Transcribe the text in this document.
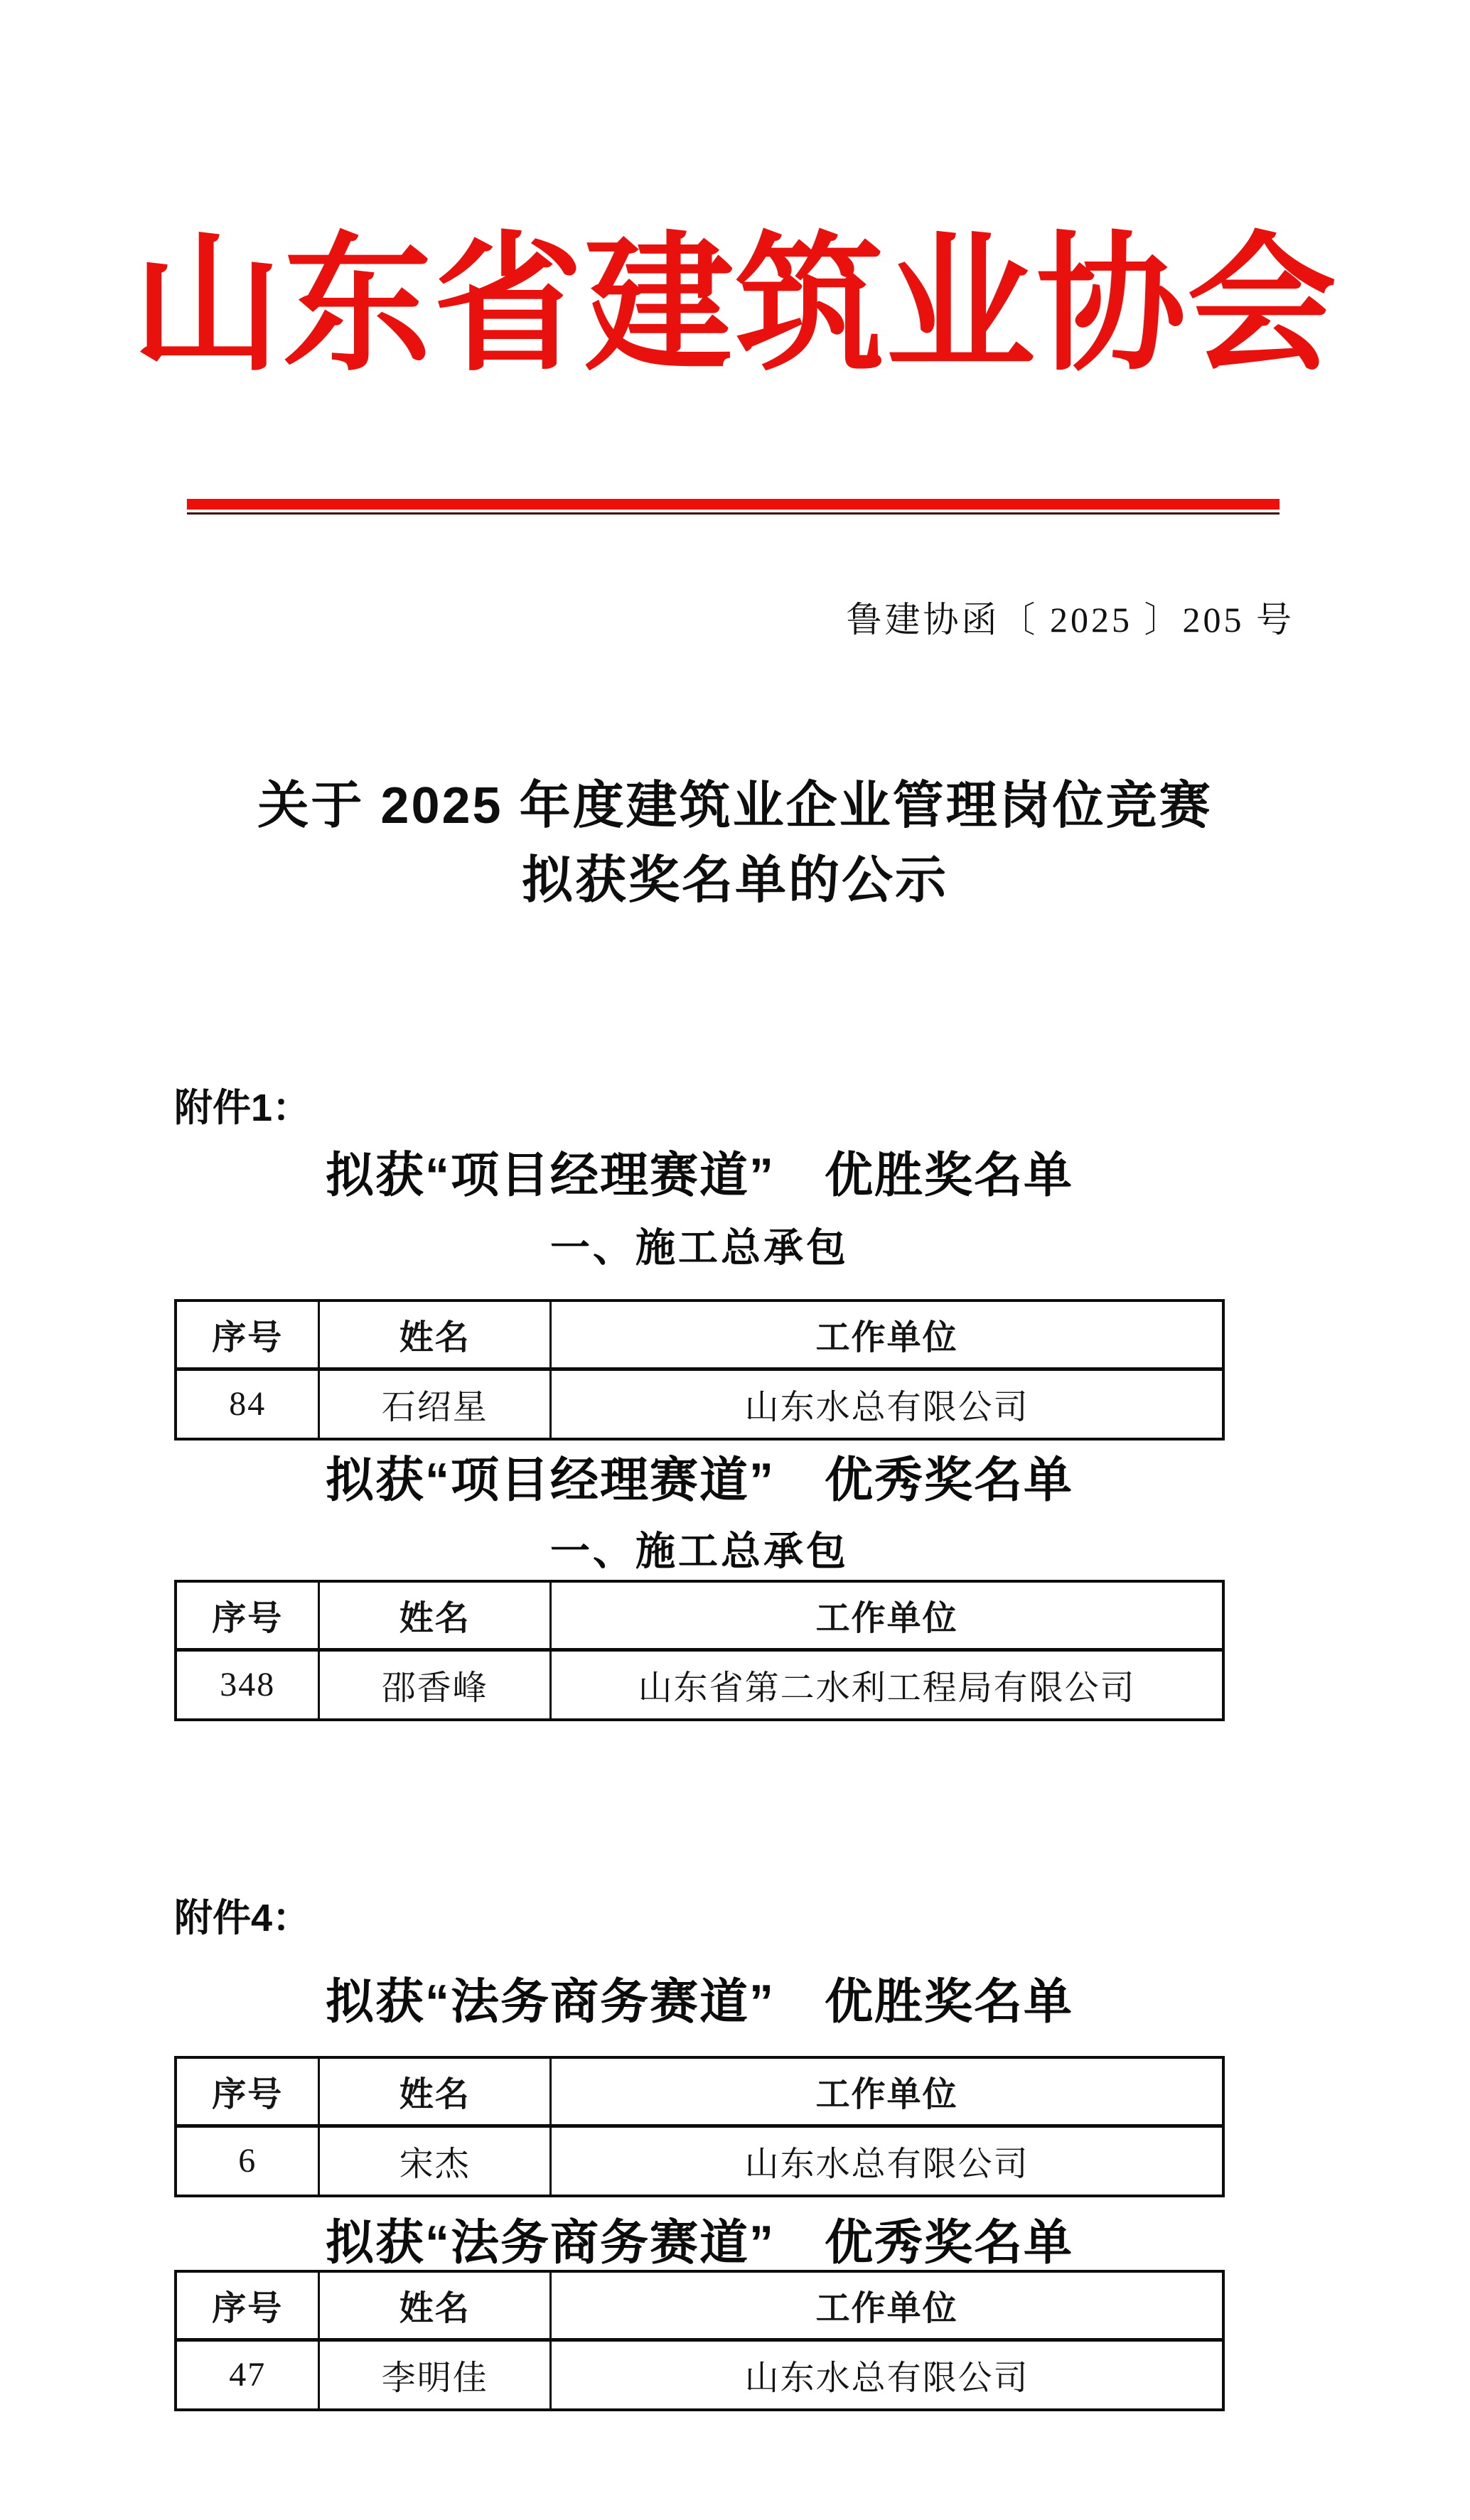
山东省建筑业协会
鲁建协函〔 2025 〕205 号
关于 2025 年度建筑业企业管理岗位竞赛
拟获奖名单的公示
附件1：
拟获“项目经理赛道”　优胜奖名单
一、施工总承包
序号	姓名	工作单位
84	石绍星	山东水总有限公司
拟获“项目经理赛道”　优秀奖名单
一、施工总承包
序号	姓名	工作单位
348	邵香峰	山东省第二水利工程局有限公司
附件4：
拟获“法务商务赛道”　优胜奖名单
序号	姓名	工作单位
6	宋杰	山东水总有限公司
拟获“法务商务赛道”　优秀奖名单
序号	姓名	工作单位
47	李明佳	山东水总有限公司
